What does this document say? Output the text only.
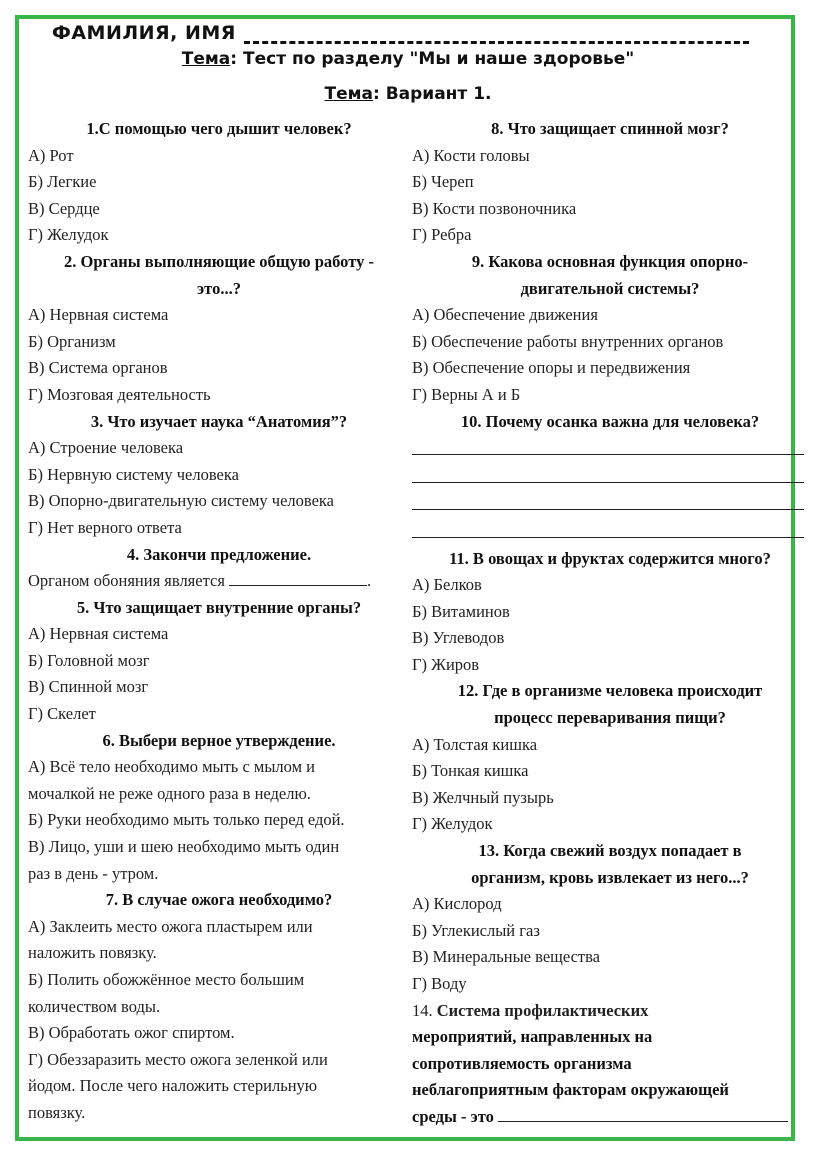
ФАМИЛИЯ, ИМЯ
Тема: Тест по разделу "Мы и наше здоровье"
Тема: Вариант 1.
1.С помощью чего дышит человек?
А) Рот
Б) Легкие
В) Сердце
Г) Желудок
2. Органы выполняющие общую работу -
это...?
А) Нервная система
Б) Организм
В) Система органов
Г) Мозговая деятельность
3. Что изучает наука “Анатомия”?
А) Строение человека
Б) Нервную систему человека
В) Опорно-двигательную систему человека
Г) Нет верного ответа
4. Закончи предложение.
Органом обоняния является	.
5. Что защищает внутренние органы?
А) Нервная система
Б) Головной мозг
В) Спинной мозг
Г) Скелет
6. Выбери верное утверждение.
А) Всё тело необходимо мыть с мылом и
мочалкой не реже одного раза в неделю.
Б) Руки необходимо мыть только перед едой.
В) Лицо, уши и шею необходимо мыть один
раз в день - утром.
7. В случае ожога необходимо?
А) Заклеить место ожога пластырем или
наложить повязку.
Б) Полить обожжённое место большим
количеством воды.
В) Обработать ожог спиртом.
Г) Обеззаразить место ожога зеленкой или
йодом. После чего наложить стерильную
повязку.
8. Что защищает спинной мозг?
А) Кости головы
Б) Череп
В) Кости позвоночника
Г) Ребра
9. Какова основная функция опорно-
двигательной системы?
А) Обеспечение движения
Б) Обеспечение работы внутренних органов
В) Обеспечение опоры и передвижения
Г) Верны А и Б
10. Почему осанка важна для человека?
11. В овощах и фруктах содержится много?
А) Белков
Б) Витаминов
В) Углеводов
Г) Жиров
12. Где в организме человека происходит
процесс переваривания пищи?
А) Толстая кишка
Б) Тонкая кишка
В) Желчный пузырь
Г) Желудок
13. Когда свежий воздух попадает в
организм, кровь извлекает из него...?
А) Кислород
Б) Углекислый газ
В) Минеральные вещества
Г) Воду
14. Система профилактических
мероприятий, направленных на
сопротивляемость организма
неблагоприятным факторам окружающей
среды - это
